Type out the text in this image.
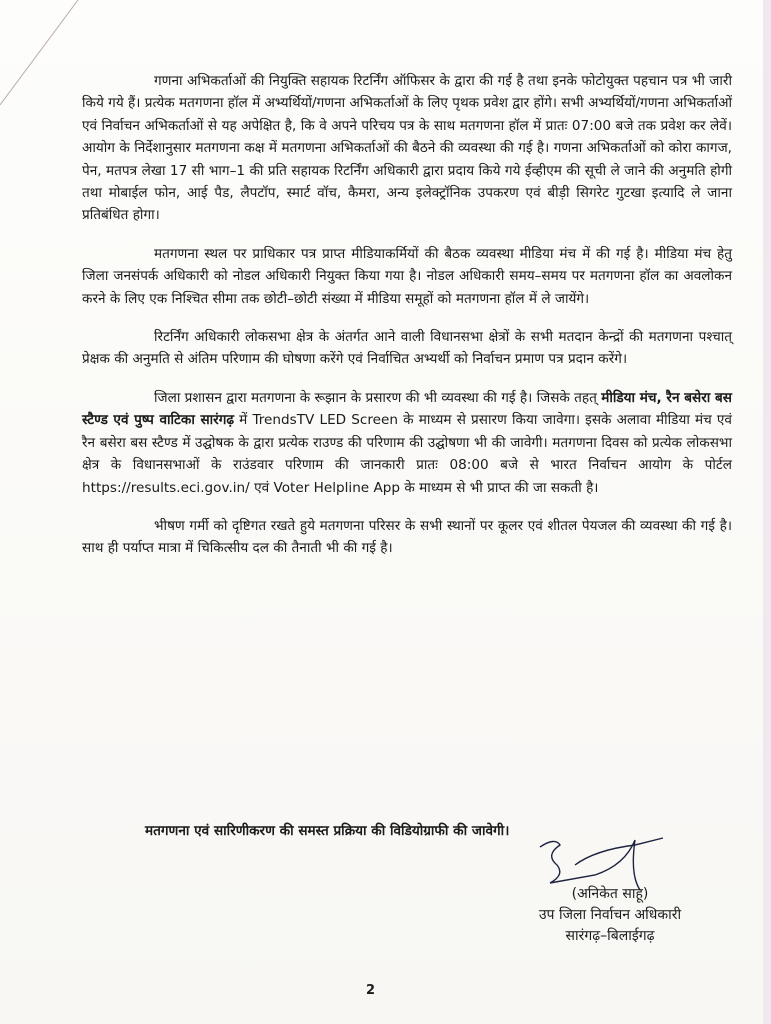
गणना अभिकर्ताओं की नियुक्ति सहायक रिटर्निंग ऑफिसर के द्वारा की गई है तथा इनके फोटोयुक्त पहचान पत्र भी जारी किये गये हैं। प्रत्येक मतगणना हॉल में अभ्यर्थियों/गणना अभिकर्ताओं के लिए पृथक प्रवेश द्वार होंगे। सभी अभ्यर्थियों/गणना अभिकर्ताओं एवं निर्वाचन अभिकर्ताओं से यह अपेक्षित है, कि वे अपने परिचय पत्र के साथ मतगणना हॉल में प्रातः 07:00 बजे तक प्रवेश कर लेवें। आयोग के निर्देशानुसार मतगणना कक्ष में मतगणना अभिकर्ताओं की बैठने की व्यवस्था की गई है। गणना अभिकर्ताओं को कोरा कागज, पेन, मतपत्र लेखा 17 सी भाग–1 की प्रति सहायक रिटर्निंग अधिकारी द्वारा प्रदाय किये गये ईव्हीएम की सूची ले जाने की अनुमति होगी तथा मोबाईल फोन, आई पैड, लैपटॉप, स्मार्ट वॉच, कैमरा, अन्य इलेक्ट्रॉनिक उपकरण एवं बीड़ी सिगरेट गुटखा इत्यादि ले जाना प्रतिबंधित होगा।

मतगणना स्थल पर प्राधिकार पत्र प्राप्त मीडियाकर्मियों की बैठक व्यवस्था मीडिया मंच में की गई है। मीडिया मंच हेतु जिला जनसंपर्क अधिकारी को नोडल अधिकारी नियुक्त किया गया है। नोडल अधिकारी समय–समय पर मतगणना हॉल का अवलोकन करने के लिए एक निश्चित सीमा तक छोटी–छोटी संख्या में मीडिया समूहों को मतगणना हॉल में ले जायेंगे।

रिटर्निंग अधिकारी लोकसभा क्षेत्र के अंतर्गत आने वाली विधानसभा क्षेत्रों के सभी मतदान केन्द्रों की मतगणना पश्चात् प्रेक्षक की अनुमति से अंतिम परिणाम की घोषणा करेंगे एवं निर्वाचित अभ्यर्थी को निर्वाचन प्रमाण पत्र प्रदान करेंगे।

जिला प्रशासन द्वारा मतगणना के रूझान के प्रसारण की भी व्यवस्था की गई है। जिसके तहत् मीडिया मंच, रैन बसेरा बस स्टैण्ड एवं पुष्प वाटिका सारंगढ़ में TrendsTV LED Screen के माध्यम से प्रसारण किया जावेगा। इसके अलावा मीडिया मंच एवं रैन बसेरा बस स्टैण्ड में उद्घोषक के द्वारा प्रत्येक राउण्ड की परिणाम की उद्घोषणा भी की जावेगी। मतगणना दिवस को प्रत्येक लोकसभा क्षेत्र के विधानसभाओं के राउंडवार परिणाम की जानकारी प्रातः 08:00 बजे से भारत निर्वाचन आयोग के पोर्टल https://results.eci.gov.in/ एवं Voter Helpline App के माध्यम से भी प्राप्त की जा सकती है।

भीषण गर्मी को दृष्टिगत रखते हुये मतगणना परिसर के सभी स्थानों पर कूलर एवं शीतल पेयजल की व्यवस्था की गई है। साथ ही पर्याप्त मात्रा में चिकित्सीय दल की तैनाती भी की गई है।

मतगणना एवं सारिणीकरण की समस्त प्रक्रिया की विडियोग्राफी की जावेगी।
(अनिकेत साहू)
उप जिला निर्वाचन अधिकारी
सारंगढ़–बिलाईगढ़
2
